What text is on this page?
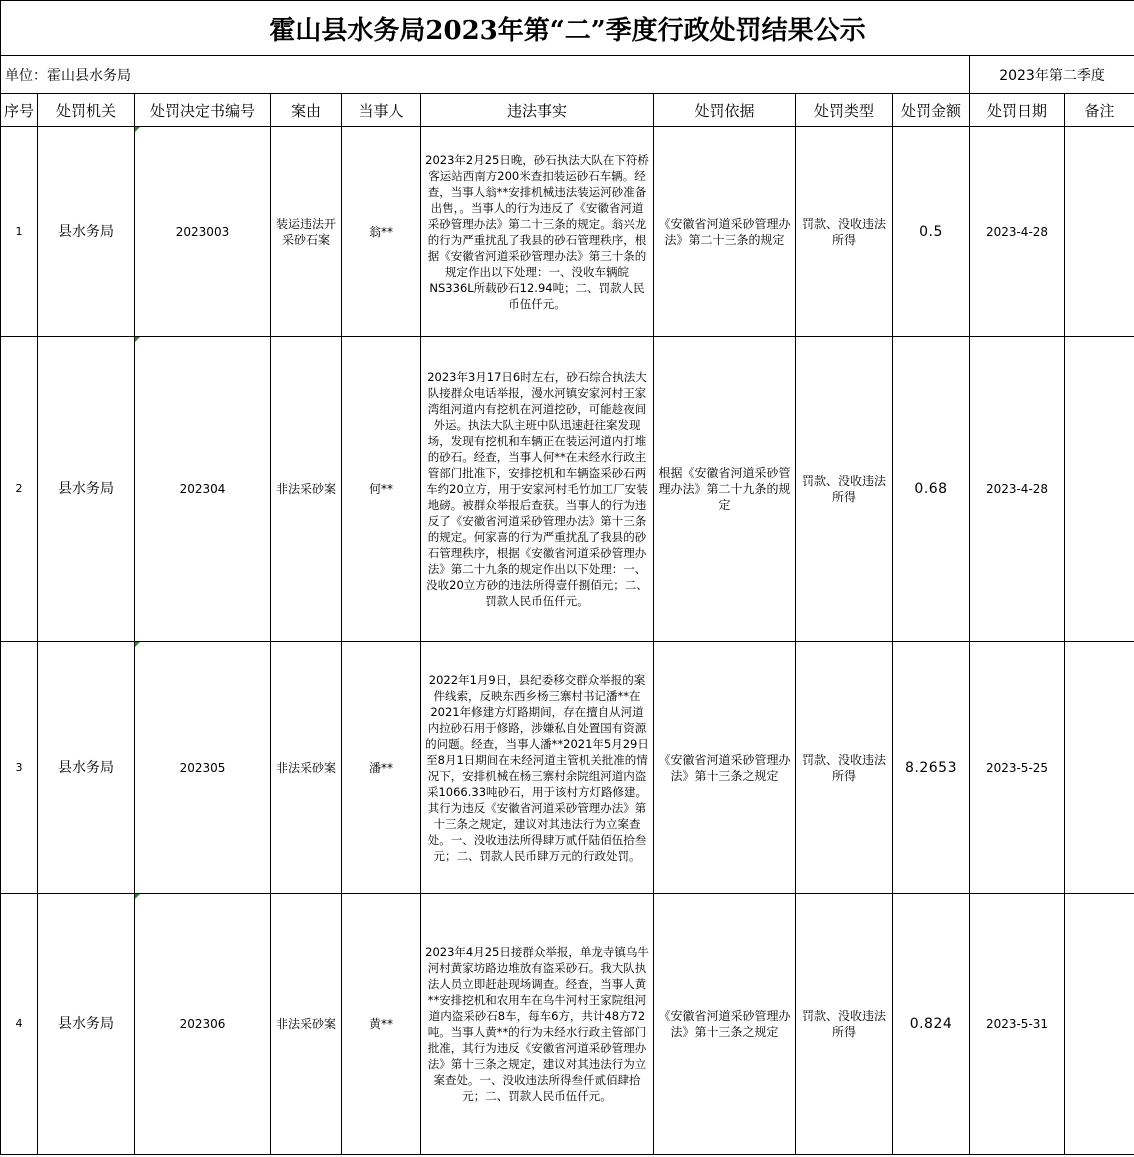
霍山县水务局2023年第“二”季度行政处罚结果公示										
单位：霍山县水务局									2023年第二季度	
序号	处罚机关	处罚决定书编号	案由	当事人	违法事实	处罚依据	处罚类型	处罚金额	处罚日期	备注
1	县水务局	2023003	装运违法开采砂石案	翁**	2023年2月25日晚，砂石执法大队在下符桥客运站西南方200米查扣装运砂石车辆。经查，当事人翁**安排机械违法装运河砂准备出售，。当事人的行为违反了《安徽省河道采砂管理办法》第二十三条的规定。翁兴龙的行为严重扰乱了我县的砂石管理秩序，根据《安徽省河道采砂管理办法》第三十条的规定作出以下处理：一、没收车辆皖NS336L所载砂石12.94吨；二、罚款人民币伍仟元。	《安徽省河道采砂管理办法》第二十三条的规定	罚款、没收违法所得	0.5	2023-4-28	
2	县水务局	202304	非法采砂案	何**	2023年3月17日6时左右，砂石综合执法大队接群众电话举报，漫水河镇安家河村王家湾组河道内有挖机在河道挖砂，可能趁夜间外运。执法大队主班中队迅速赶往案发现场，发现有挖机和车辆正在装运河道内打堆的砂石。经查，当事人何**在未经水行政主管部门批准下，安排挖机和车辆盗采砂石两车约20立方，用于安家河村毛竹加工厂安装地磅。被群众举报后查获。当事人的行为违反了《安徽省河道采砂管理办法》第十三条的规定。何家喜的行为严重扰乱了我县的砂石管理秩序，根据《安徽省河道采砂管理办法》第二十九条的规定作出以下处理：一、没收20立方砂的违法所得壹仟捌佰元；二、罚款人民币伍仟元。	根据《安徽省河道采砂管理办法》第二十九条的规定	罚款、没收违法所得	0.68	2023-4-28	
3	县水务局	202305	非法采砂案	潘**	2022年1月9日，县纪委移交群众举报的案件线索，反映东西乡杨三寨村书记潘**在2021年修建方灯路期间，存在擅自从河道内拉砂石用于修路，涉嫌私自处置国有资源的问题。经查，当事人潘**2021年5月29日至8月1日期间在未经河道主管机关批准的情况下，安排机械在杨三寨村余院组河道内盗采1066.33吨砂石，用于该村方灯路修建。其行为违反《安徽省河道采砂管理办法》第十三条之规定，建议对其违法行为立案查处。一、没收违法所得肆万贰仟陆佰伍拾叁元；二、罚款人民币肆万元的行政处罚。	《安徽省河道采砂管理办法》第十三条之规定	罚款、没收违法所得	8.2653	2023-5-25	
4	县水务局	202306	非法采砂案	黄**	2023年4月25日接群众举报，单龙寺镇乌牛河村黄家坊路边堆放有盗采砂石。我大队执法人员立即赶赴现场调查。经查，当事人黄**安排挖机和农用车在乌牛河村王家院组河道内盗采砂石8车，每车6方，共计48方72吨。当事人黄**的行为未经水行政主管部门批准，其行为违反《安徽省河道采砂管理办法》第十三条之规定，建议对其违法行为立案查处。一、没收违法所得叁仟贰佰肆拾元；二、罚款人民币伍仟元。	《安徽省河道采砂管理办法》第十三条之规定	罚款、没收违法所得	0.824	2023-5-31	
